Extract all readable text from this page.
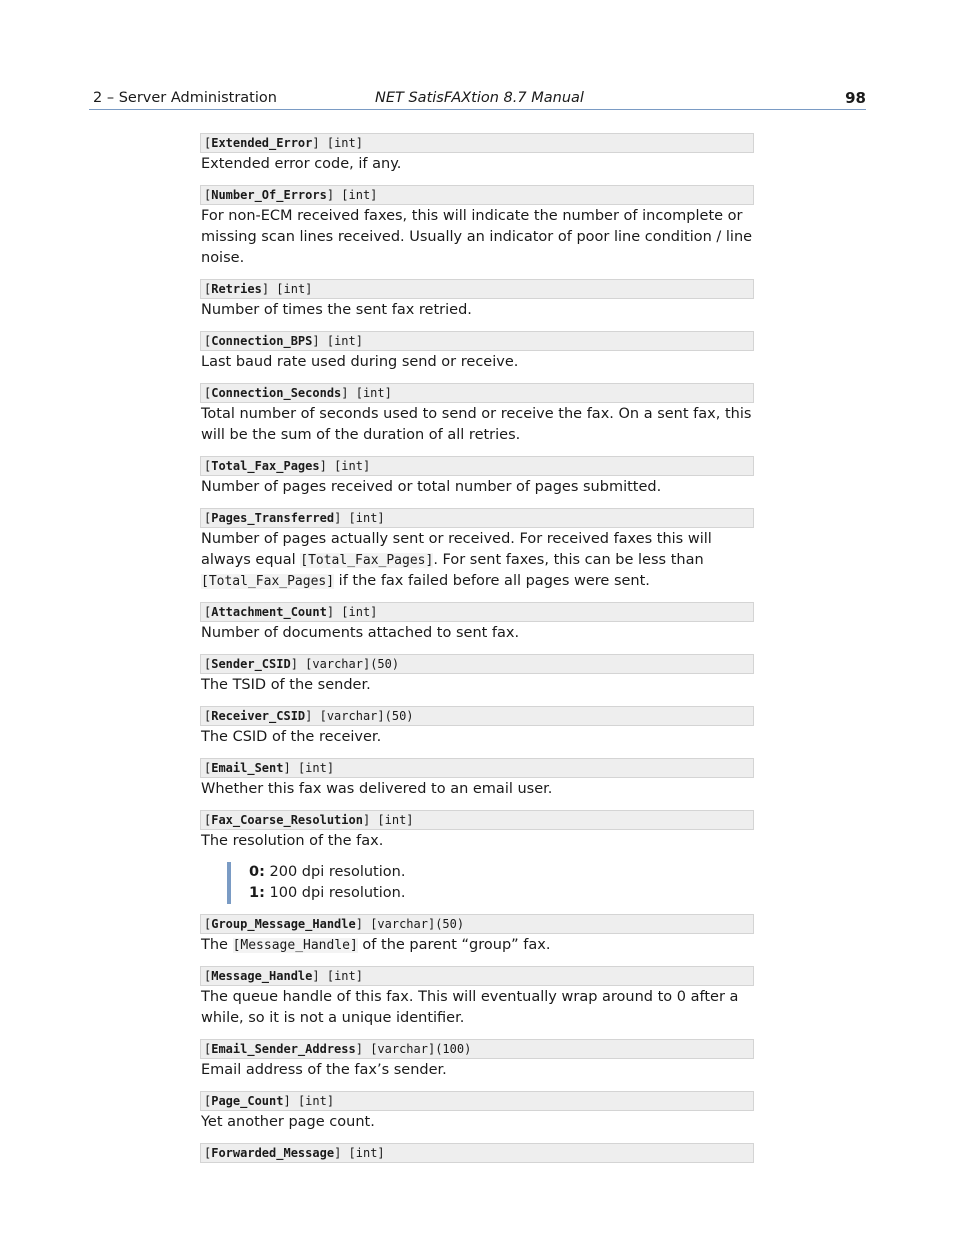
2 – Server Administration	NET SatisFAXtion 8.7 Manual	98
[Extended_Error] [int]
Extended error code, if any.
[Number_Of_Errors] [int]
For non-ECM received faxes, this will indicate the number of incomplete or missing scan lines received. Usually an indicator of poor line condition / line noise.
[Retries] [int]
Number of times the sent fax retried.
[Connection_BPS] [int]
Last baud rate used during send or receive.
[Connection_Seconds] [int]
Total number of seconds used to send or receive the fax. On a sent fax, this will be the sum of the duration of all retries.
[Total_Fax_Pages] [int]
Number of pages received or total number of pages submitted.
[Pages_Transferred] [int]
Number of pages actually sent or received. For received faxes this will always equal [Total_Fax_Pages]. For sent faxes, this can be less than [Total_Fax_Pages] if the fax failed before all pages were sent.
[Attachment_Count] [int]
Number of documents attached to sent fax.
[Sender_CSID] [varchar](50)
The TSID of the sender.
[Receiver_CSID] [varchar](50)
The CSID of the receiver.
[Email_Sent] [int]
Whether this fax was delivered to an email user.
[Fax_Coarse_Resolution] [int]
The resolution of the fax.
0: 200 dpi resolution.
1: 100 dpi resolution.
[Group_Message_Handle] [varchar](50)
The [Message_Handle] of the parent “group” fax.
[Message_Handle] [int]
The queue handle of this fax. This will eventually wrap around to 0 after a while, so it is not a unique identifier.
[Email_Sender_Address] [varchar](100)
Email address of the fax’s sender.
[Page_Count] [int]
Yet another page count.
[Forwarded_Message] [int]
